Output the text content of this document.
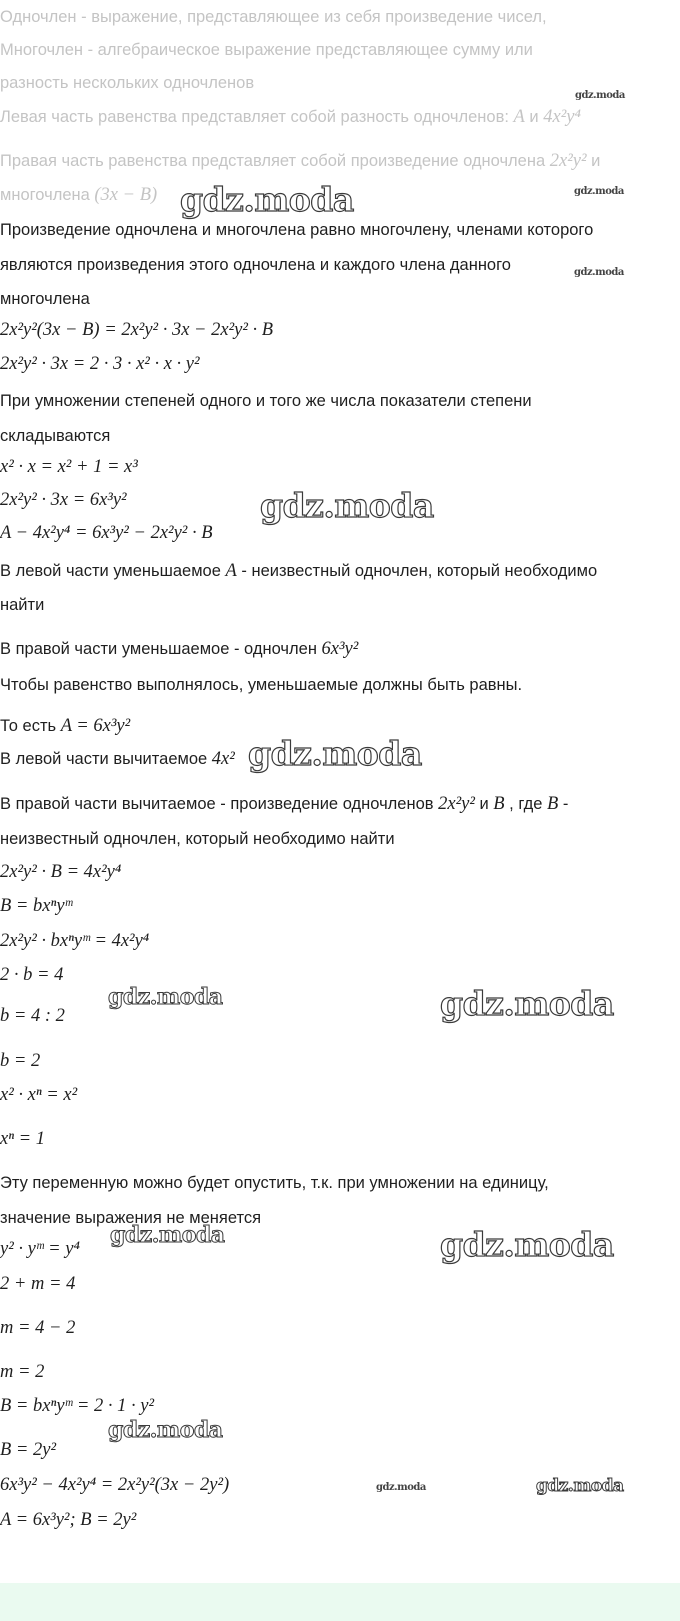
Одночлен - выражение, представляющее из себя произведение чисел,
Многочлен - алгебраическое выражение представляющее сумму или
разность нескольких одночленов
Левая часть равенства представляет собой разность одночленов: A и 4x²y⁴
Правая часть равенства представляет собой произведение одночлена 2x²y² и
многочлена (3x − B)
Произведение одночлена и многочлена равно многочлену, членами которого
являются произведения этого одночлена и каждого члена данного
многочлена
2x²y²(3x − B) = 2x²y² · 3x − 2x²y² · B
2x²y² · 3x = 2 · 3 · x² · x · y²
При умножении степеней одного и того же числа показатели степени
складываются
x² · x = x² + 1 = x³
2x²y² · 3x = 6x³y²
A − 4x²y⁴ = 6x³y² − 2x²y² · B
В левой части уменьшаемое A - неизвестный одночлен, который необходимо
найти
В правой части уменьшаемое - одночлен 6x³y²
Чтобы равенство выполнялось, уменьшаемые должны быть равны.
То есть A = 6x³y²
В левой части вычитаемое 4x²
В правой части вычитаемое - произведение одночленов 2x²y² и B , где B -
неизвестный одночлен, который необходимо найти
2x²y² · B = 4x²y⁴
B = bxⁿyᵐ
2x²y² · bxⁿyᵐ = 4x²y⁴
2 · b = 4
b = 4 : 2
b = 2
x² · xⁿ = x²
xⁿ = 1
Эту переменную можно будет опустить, т.к. при умножении на единицу,
значение выражения не меняется
y² · yᵐ = y⁴
2 + m = 4
m = 4 − 2
m = 2
B = bxⁿyᵐ = 2 · 1 · y²
B = 2y²
6x³y² − 4x²y⁴ = 2x²y²(3x − 2y²)
A = 6x³y²; B = 2y²
gdz.moda
gdz.moda
gdz.moda
gdz.moda
gdz.moda
gdz.moda
gdz.moda	gdz.moda
gdz.moda	gdz.moda
gdz.moda
gdz.moda	gdz.moda
